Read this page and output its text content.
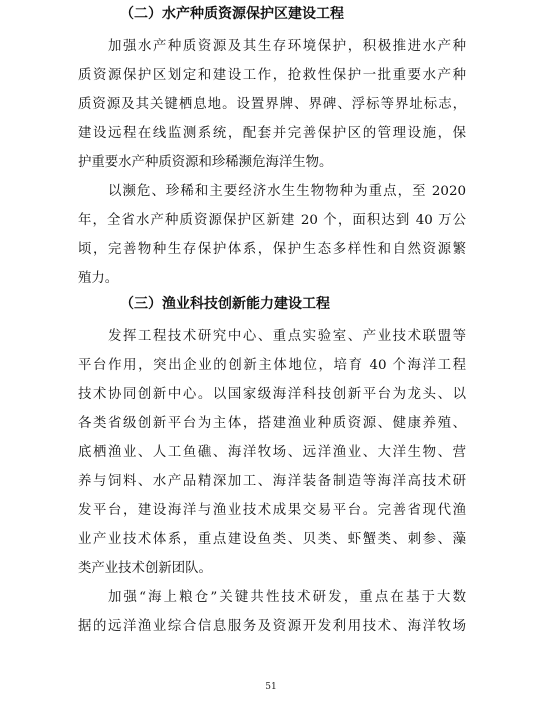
（二）水产种质资源保护区建设工程
加强水产种质资源及其生存环境保护，积极推进水产种
质资源保护区划定和建设工作，抢救性保护一批重要水产种
质资源及其关键栖息地。设置界牌、界碑、浮标等界址标志，
建设远程在线监测系统，配套并完善保护区的管理设施，保
护重要水产种质资源和珍稀濒危海洋生物。
以濒危、珍稀和主要经济水生生物物种为重点，至 2020
年，全省水产种质资源保护区新建 20 个，面积达到 40 万公
顷，完善物种生存保护体系，保护生态多样性和自然资源繁
殖力。
（三）渔业科技创新能力建设工程
发挥工程技术研究中心、重点实验室、产业技术联盟等
平台作用，突出企业的创新主体地位，培育 40 个海洋工程
技术协同创新中心。以国家级海洋科技创新平台为龙头、以
各类省级创新平台为主体，搭建渔业种质资源、健康养殖、
底栖渔业、人工鱼礁、海洋牧场、远洋渔业、大洋生物、营
养与饲料、水产品精深加工、海洋装备制造等海洋高技术研
发平台，建设海洋与渔业技术成果交易平台。完善省现代渔
业产业技术体系，重点建设鱼类、贝类、虾蟹类、刺参、藻
类产业技术创新团队。
加强“海上粮仓”关键共性技术研发，重点在基于大数
据的远洋渔业综合信息服务及资源开发利用技术、海洋牧场
51
